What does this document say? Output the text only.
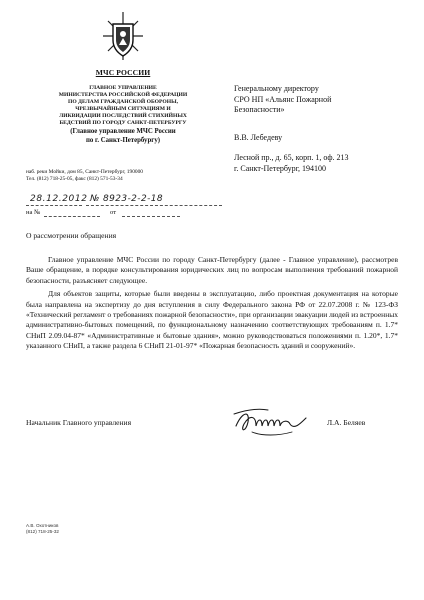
МЧС РОССИИ
ГЛАВНОЕ УПРАВЛЕНИЕ
МИНИСТЕРСТВА РОССИЙСКОЙ ФЕДЕРАЦИИ
ПО ДЕЛАМ ГРАЖДАНСКОЙ ОБОРОНЫ,
ЧРЕЗВЫЧАЙНЫМ СИТУАЦИЯМ И
ЛИКВИДАЦИИ ПОСЛЕДСТВИЙ СТИХИЙНЫХ
БЕДСТВИЙ ПО ГОРОДУ САНКТ-ПЕТЕРБУРГУ
(Главное управление МЧС России
по г. Санкт-Петербургу)
наб. реки Мойки, дом 85, Санкт-Петербург, 190000
Тел. (812) 718-25-05, факс (812) 571-53-34
28.12.2012 № 8923-2-2-18
на №	от
Генеральному директору
СРО НП «Альянс Пожарной
Безопасности»
В.В. Лебедеву
Лесной пр., д. 65, корп. 1, оф. 213
г. Санкт-Петербург, 194100
О рассмотрении обращения

Главное управление МЧС России по городу Санкт-Петербургу (далее - Главное управление), рассмотрев Ваше обращение, в порядке консультирования юридических лиц по вопросам выполнения требований пожарной безопасности, разъясняет следующее.

Для объектов защиты, которые были введены в эксплуатацию, либо проектная документация на которые была направлена на экспертизу до дня вступления в силу Федерального закона РФ от 22.07.2008 г. № 123-ФЗ «Технический регламент о требованиях пожарной безопасности», при организации эвакуации людей из встроенных административно-бытовых помещений, по функциональному назначению соответствующих требованиям п. 1.7* СНиП 2.09.04-87* «Административные и бытовые здания», можно руководствоваться положениями п. 1.20*, 1.7* указанного СНиП, а также раздела 6 СНиП 21-01-97* «Пожарная безопасность зданий и сооружений».

Начальник Главного управления	Л.А. Беляев
А.В. Охотников
(812) 718-25-32
